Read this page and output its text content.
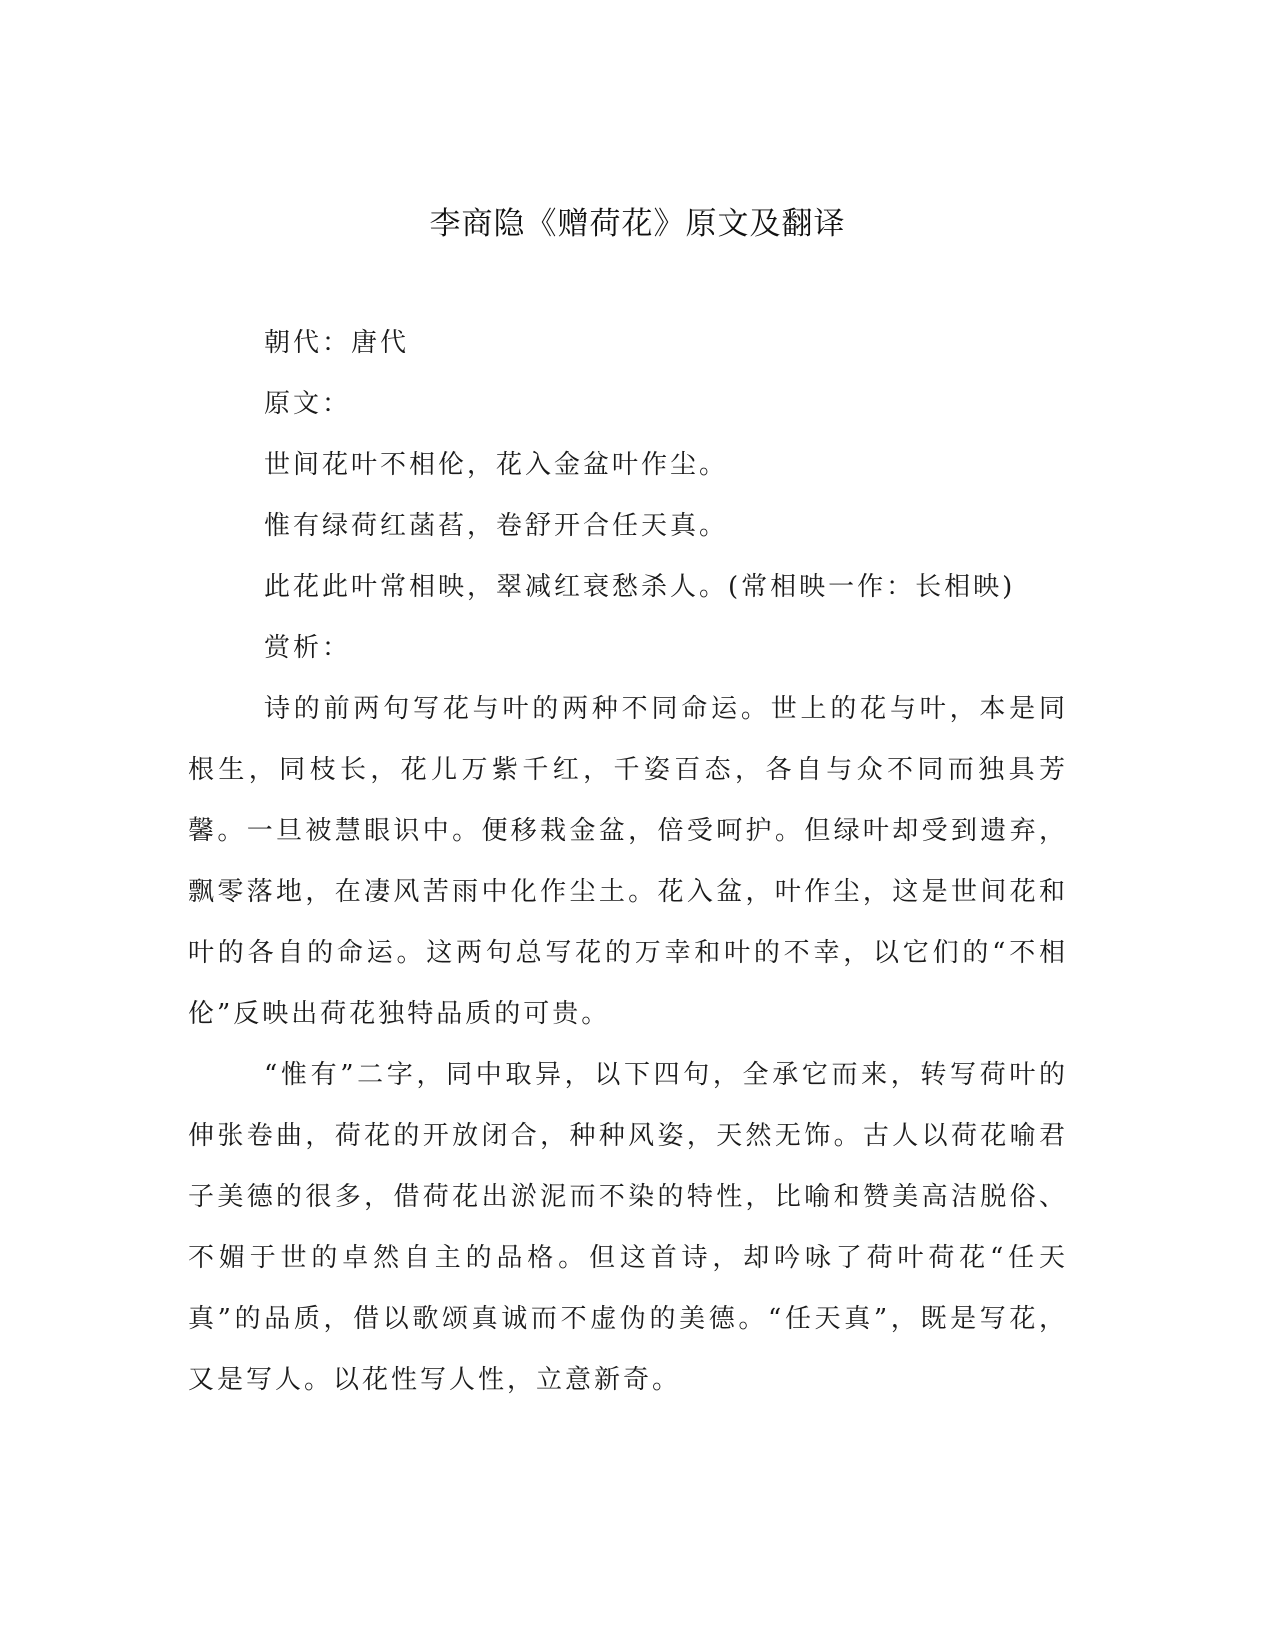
李商隐《赠荷花》原文及翻译

朝代：唐代

原文：

世间花叶不相伦，花入金盆叶作尘。

惟有绿荷红菡萏，卷舒开合任天真。

此花此叶常相映，翠减红衰愁杀人。(常相映一作：长相映)

赏析：

诗的前两句写花与叶的两种不同命运。世上的花与叶，本是同根生，同枝长，花儿万紫千红，千姿百态，各自与众不同而独具芳馨。一旦被慧眼识中。便移栽金盆，倍受呵护。但绿叶却受到遗弃，飘零落地，在凄风苦雨中化作尘土。花入盆，叶作尘，这是世间花和叶的各自的命运。这两句总写花的万幸和叶的不幸，以它们的“不相伦”反映出荷花独特品质的可贵。

“惟有”二字，同中取异，以下四句，全承它而来，转写荷叶的伸张卷曲，荷花的开放闭合，种种风姿，天然无饰。古人以荷花喻君子美德的很多，借荷花出淤泥而不染的特性，比喻和赞美高洁脱俗、不媚于世的卓然自主的品格。但这首诗，却吟咏了荷叶荷花“任天真”的品质，借以歌颂真诚而不虚伪的美德。“任天真”，既是写花，又是写人。以花性写人性，立意新奇。
